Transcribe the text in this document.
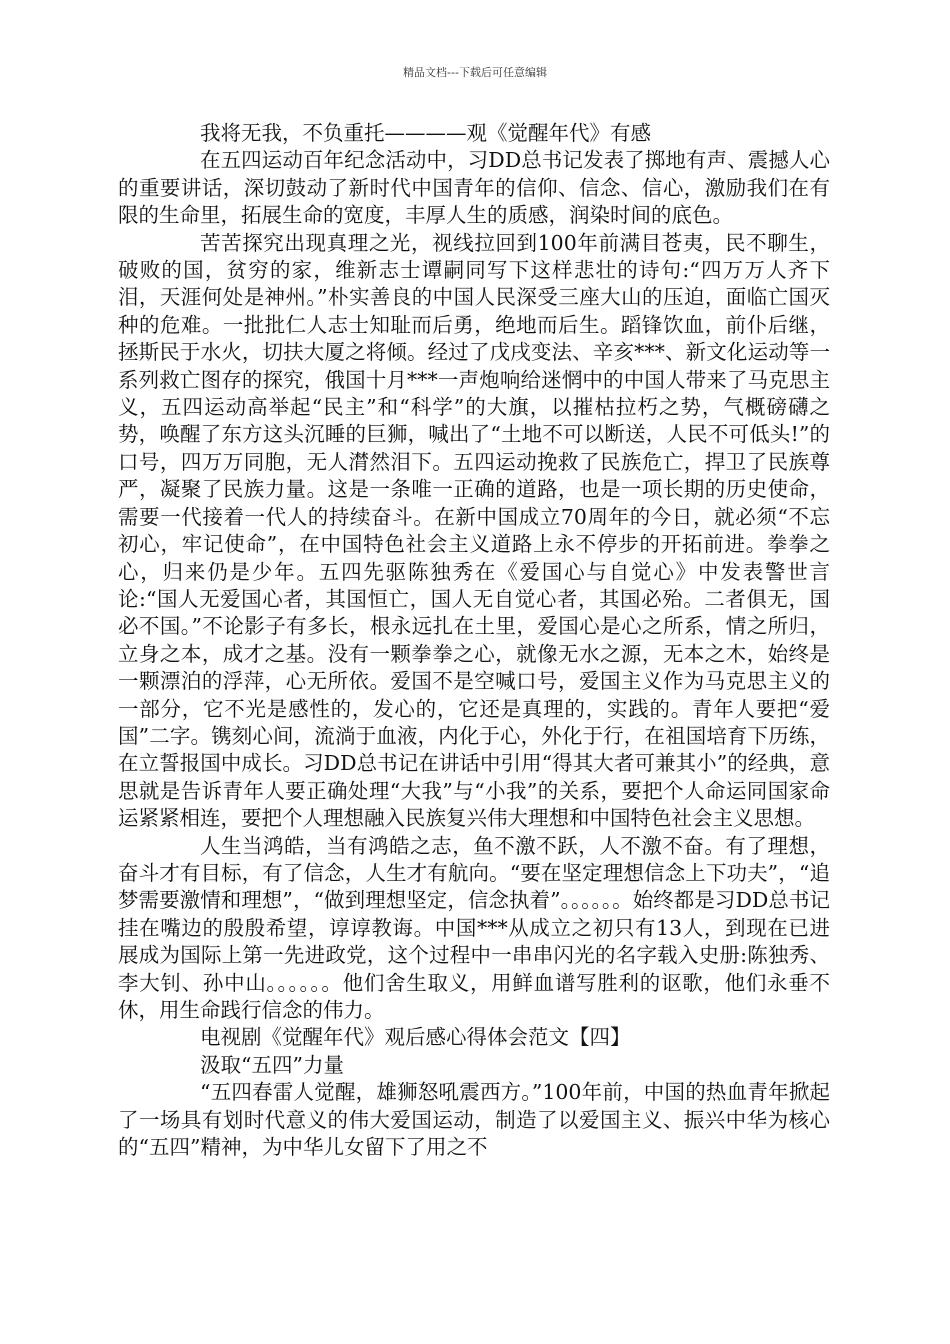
精品文档---下载后可任意编辑

我将无我，不负重托————观《觉醒年代》有感

在五四运动百年纪念活动中，习DD总书记发表了掷地有声、震撼人心的重要讲话，深切鼓动了新时代中国青年的信仰、信念、信心，激励我们在有限的生命里，拓展生命的宽度，丰厚人生的质感，润染时间的底色。

苦苦探究出现真理之光，视线拉回到100年前满目苍夷，民不聊生，破败的国，贫穷的家，维新志士谭嗣同写下这样悲壮的诗句:“四万万人齐下泪，天涯何处是神州。”朴实善良的中国人民深受三座大山的压迫，面临亡国灭种的危难。一批批仁人志士知耻而后勇，绝地而后生。蹈锋饮血，前仆后继，拯斯民于水火，切扶大厦之将倾。经过了戊戌变法、辛亥***、新文化运动等一系列救亡图存的探究，俄国十月***一声炮响给迷惘中的中国人带来了马克思主义，五四运动高举起“民主”和“科学”的大旗，以摧枯拉朽之势，气概磅礴之势，唤醒了东方这头沉睡的巨狮，喊出了“土地不可以断送，人民不可低头!”的口号，四万万同胞，无人潸然泪下。五四运动挽救了民族危亡，捍卫了民族尊严，凝聚了民族力量。这是一条唯一正确的道路，也是一项长期的历史使命，需要一代接着一代人的持续奋斗。在新中国成立70周年的今日，就必须“不忘初心，牢记使命”，在中国特色社会主义道路上永不停步的开拓前进。拳拳之心，归来仍是少年。五四先驱陈独秀在《爱国心与自觉心》中发表警世言论:“国人无爱国心者，其国恒亡，国人无自觉心者，其国必殆。二者俱无，国必不国。”不论影子有多长，根永远扎在土里，爱国心是心之所系，情之所归，立身之本，成才之基。没有一颗拳拳之心，就像无水之源，无本之木，始终是一颗漂泊的浮萍，心无所依。爱国不是空喊口号，爱国主义作为马克思主义的一部分，它不光是感性的，发心的，它还是真理的，实践的。青年人要把“爱国”二字。镌刻心间，流淌于血液，内化于心，外化于行，在祖国培育下历练，在立誓报国中成长。习DD总书记在讲话中引用“得其大者可兼其小”的经典，意思就是告诉青年人要正确处理“大我”与“小我”的关系，要把个人命运同国家命运紧紧相连，要把个人理想融入民族复兴伟大理想和中国特色社会主义思想。

人生当鸿皓，当有鸿皓之志，鱼不激不跃，人不激不奋。有了理想，奋斗才有目标，有了信念，人生才有航向。“要在坚定理想信念上下功夫”，“追梦需要激情和理想”，“做到理想坚定，信念执着”。。。。。。始终都是习DD总书记挂在嘴边的殷殷希望，谆谆教诲。中国***从成立之初只有13人，到现在已进展成为国际上第一先进政党，这个过程中一串串闪光的名字载入史册:陈独秀、李大钊、孙中山。。。。。。他们舍生取义，用鲜血谱写胜利的讴歌，他们永垂不休，用生命践行信念的伟力。

电视剧《觉醒年代》观后感心得体会范文【四】

汲取“五四”力量

“五四春雷人觉醒，雄狮怒吼震西方。”100年前，中国的热血青年掀起了一场具有划时代意义的伟大爱国运动，制造了以爱国主义、振兴中华为核心的“五四”精神，为中华儿女留下了用之不
